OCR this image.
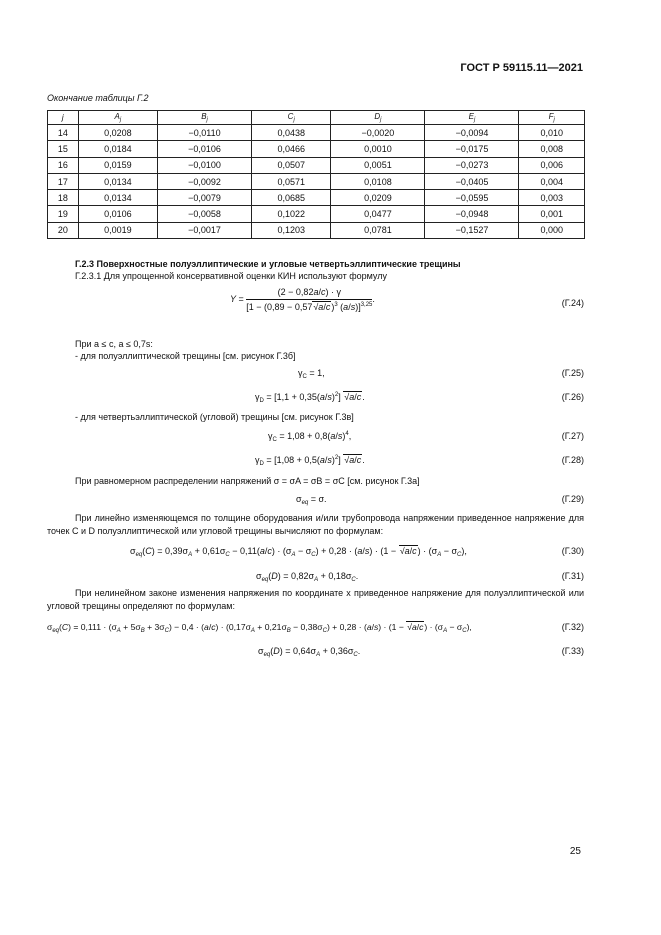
ГОСТ Р 59115.11—2021
Окончание таблицы Г.2
j	$A_j$	$B_j$	$C_j$	$D_j$	$E_j$	$F_j$
14	0,0208	−0,0110	0,0438	−0,0020	−0,0094	0,010
15	0,0184	−0,0106	0,0466	0,0010	−0,0175	0,008
16	0,0159	−0,0100	0,0507	0,0051	−0,0273	0,006
17	0,0134	−0,0092	0,0571	0,0108	−0,0405	0,004
18	0,0134	−0,0079	0,0685	0,0209	−0,0595	0,003
19	0,0106	−0,0058	0,1022	0,0477	−0,0948	0,001
20	0,0019	−0,0017	0,1203	0,0781	−0,1527	0,000
Г.2.3 Поверхностные полуэллиптические и угловые четвертьэллиптические трещины
Г.2.3.1 Для упрощенной консервативной оценки КИН используют формулу
$Y = \frac{(2 - 0,82a/c) \cdot \gamma}{[1 - (0,89 - 0,57√a/c)^3 (a/s)]^{3,25}}$ .	(Г.24)
При a ≤ c, a ≤ 0,7s:
- для полуэллиптической трещины [см. рисунок Г.3б]
$\gamma_C = 1$,	(Г.25)
$\gamma_D = [1,1 + 0,35(a/s)^2]$ √a/c.	(Г.26)
- для четвертьэллиптической (угловой) трещины [см. рисунок Г.3в]
$\gamma_C = 1,08 + 0,8(a/s)^4$,	(Г.27)
$\gamma_D = [1,08 + 0,5(a/s)^2]$ √a/c.	(Г.28)
При равномерном распределении напряжений σ = σA = σB = σC [см. рисунок Г.3а]
$\sigma_{eq} = \sigma$.	(Г.29)
При линейно изменяющемся по толщине оборудования и/или трубопровода напряжении приведенное напряжение для точек С и D полуэллиптической или угловой трещины вычисляют по формулам:
$\sigma_{eq}(C) = 0,39\sigma_A + 0,61\sigma_C - 0,11(a/c) \cdot (\sigma_A - \sigma_C) + 0,28 \cdot (a/s) \cdot (1 - √a/c) \cdot (\sigma_A - \sigma_C)$,	(Г.30)
$\sigma_{eq}(D) = 0,82\sigma_A + 0,18\sigma_C$.	(Г.31)
При нелинейном законе изменения напряжения по координате x приведенное напряжение для полуэллиптической или угловой трещины определяют по формулам:
$\sigma_{eq}(C) = 0,111 \cdot (\sigma_A + 5\sigma_B + 3\sigma_C) - 0,4 \cdot (a/c) \cdot (0,17\sigma_A + 0,21\sigma_B - 0,38\sigma_C) + 0,28 \cdot (a/s) \cdot (1 - √a/c) \cdot (\sigma_A - \sigma_C)$,	(Г.32)
$\sigma_{eq}(D) = 0,64\sigma_A + 0,36\sigma_C$.	(Г.33)
25
